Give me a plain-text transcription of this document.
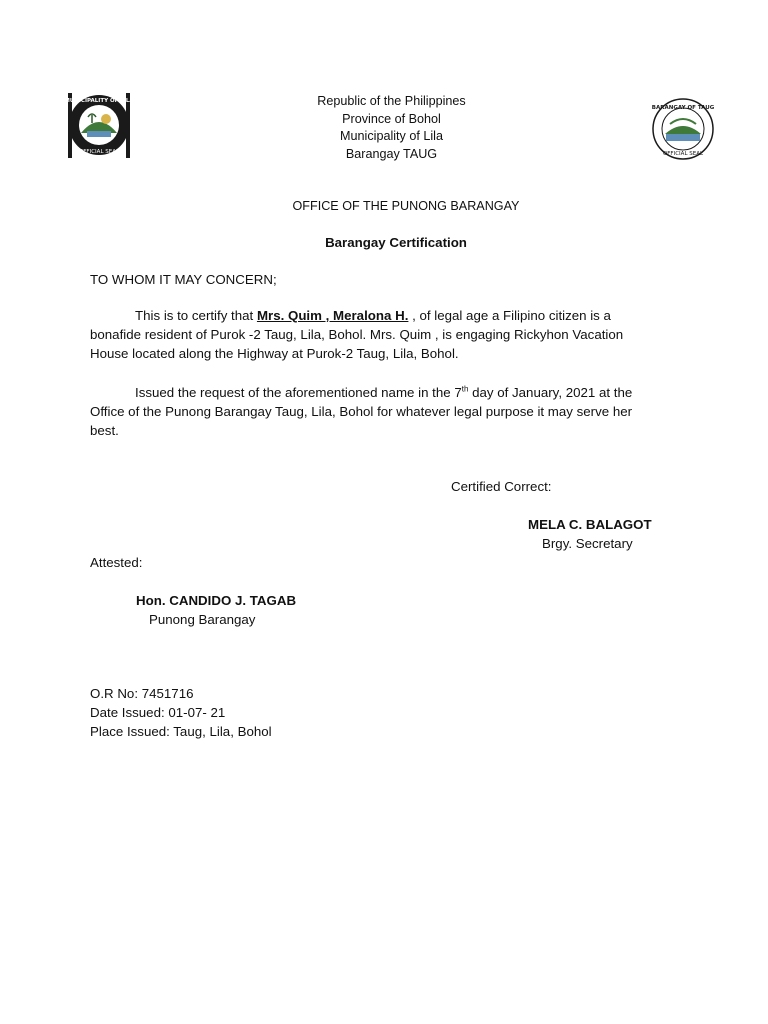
MUNICIPALITY OF LILA
OFFICIAL SEAL
Republic of the Philippines
Province of Bohol
Municipality of Lila
Barangay TAUG
BARANGAY OF TAUG
OFFICIAL SEAL
OFFICE OF THE PUNONG BARANGAY
Barangay Certification
TO WHOM IT MAY CONCERN;
This is to certify that Mrs. Quim , Meralona H. , of legal age a Filipino citizen is a
bonafide resident of Purok -2 Taug, Lila, Bohol. Mrs. Quim , is engaging Rickyhon Vacation
House located along the Highway at Purok-2 Taug, Lila, Bohol.
Issued the request of the aforementioned name in the 7th day of January, 2021 at the
Office of the Punong Barangay Taug, Lila, Bohol for whatever legal purpose it may serve her
best.
Certified Correct:
MELA C. BALAGOT
Brgy. Secretary
Attested:
Hon. CANDIDO J. TAGAB
Punong Barangay
O.R No: 7451716
Date Issued: 01-07- 21
Place Issued: Taug, Lila, Bohol
